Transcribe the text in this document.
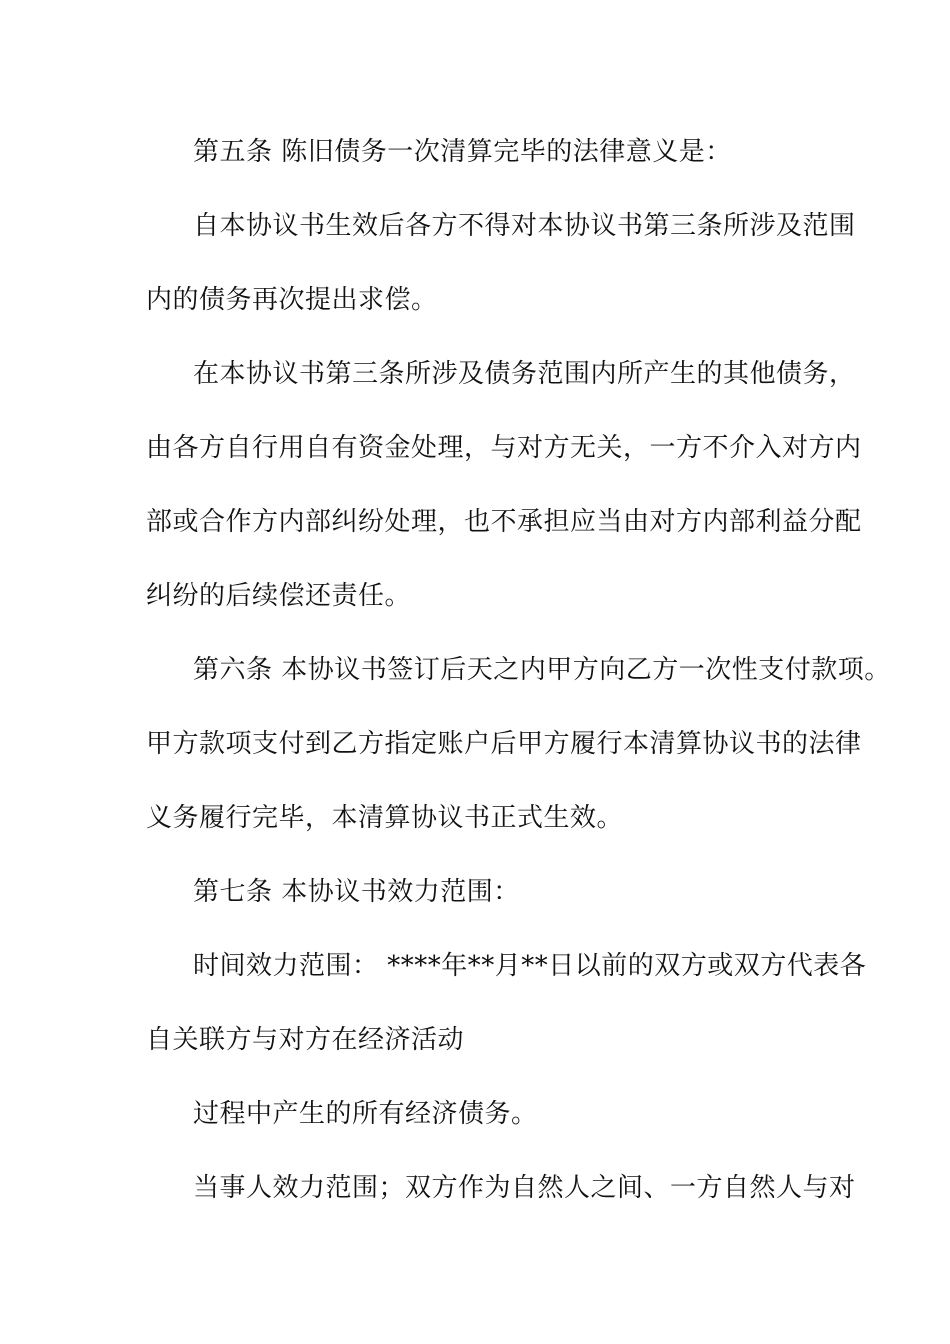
第五条 陈旧债务一次清算完毕的法律意义是：
自本协议书生效后各方不得对本协议书第三条所涉及范围
内的债务再次提出求偿。
在本协议书第三条所涉及债务范围内所产生的其他债务，
由各方自行用自有资金处理，与对方无关，一方不介入对方内
部或合作方内部纠纷处理，也不承担应当由对方内部利益分配
纠纷的后续偿还责任。
第六条 本协议书签订后天之内甲方向乙方一次性支付款项。
甲方款项支付到乙方指定账户后甲方履行本清算协议书的法律
义务履行完毕，本清算协议书正式生效。
第七条 本协议书效力范围：
时间效力范围： ****年**月**日以前的双方或双方代表各
自关联方与对方在经济活动
过程中产生的所有经济债务。
当事人效力范围；双方作为自然人之间、一方自然人与对
